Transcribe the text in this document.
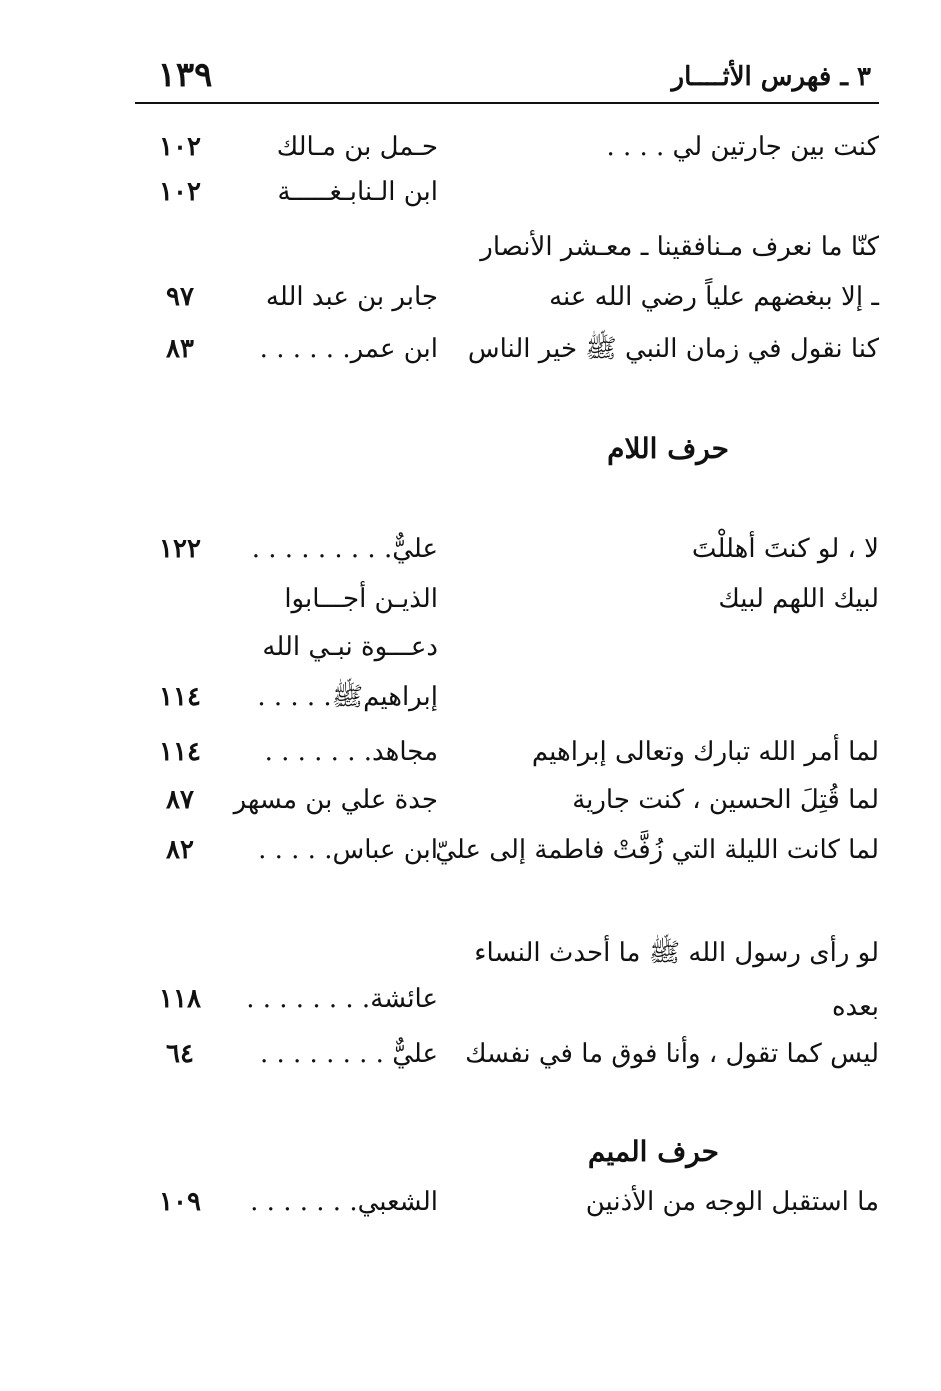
١٣٩	٣ ـ فهرس الأثــــار
كنت بين جارتين لي . . . .
حـمل بن مـالك
١٠٢
ابن الـنابـغـــــة
١٠٢
كنّا ما نعرف مـنافقينا ـ معـشر الأنصار
ـ إلا ببغضهم علياً رضي الله عنه
جابر بن عبد الله
٩٧
كنا نقول في زمان النبي ﷺ خير الناس
ابن عمر. . . . . .
٨٣
حرف اللام
لا ، لو كنتَ أهللْتَ
عليٌّ. . . . . . . . .
١٢٢
لبيك اللهم لبيك
الذيـن أجـــابوا
دعـــوة نبـي الله
إبراهيمﷺ. . . . .
١١٤
لما أمر الله تبارك وتعالى إبراهيم
مجاهد. . . . . . .
١١٤
لما قُتِلَ الحسين ، كنت جارية
جدة علي بن مسهر
٨٧
لما كانت الليلة التي زُفَّتْ فاطمة إلى عليّ
ابن عباس. . . . .
٨٢
لو رأى رسول الله ﷺ ما أحدث النساء
بعده
عائشة. . . . . . . .
١١٨
ليس كما تقول ، وأنا فوق ما في نفسك
عليٌّ . . . . . . . .
٦٤
حرف الميم
ما استقبل الوجه من الأذنين
الشعبي. . . . . . .
١٠٩
